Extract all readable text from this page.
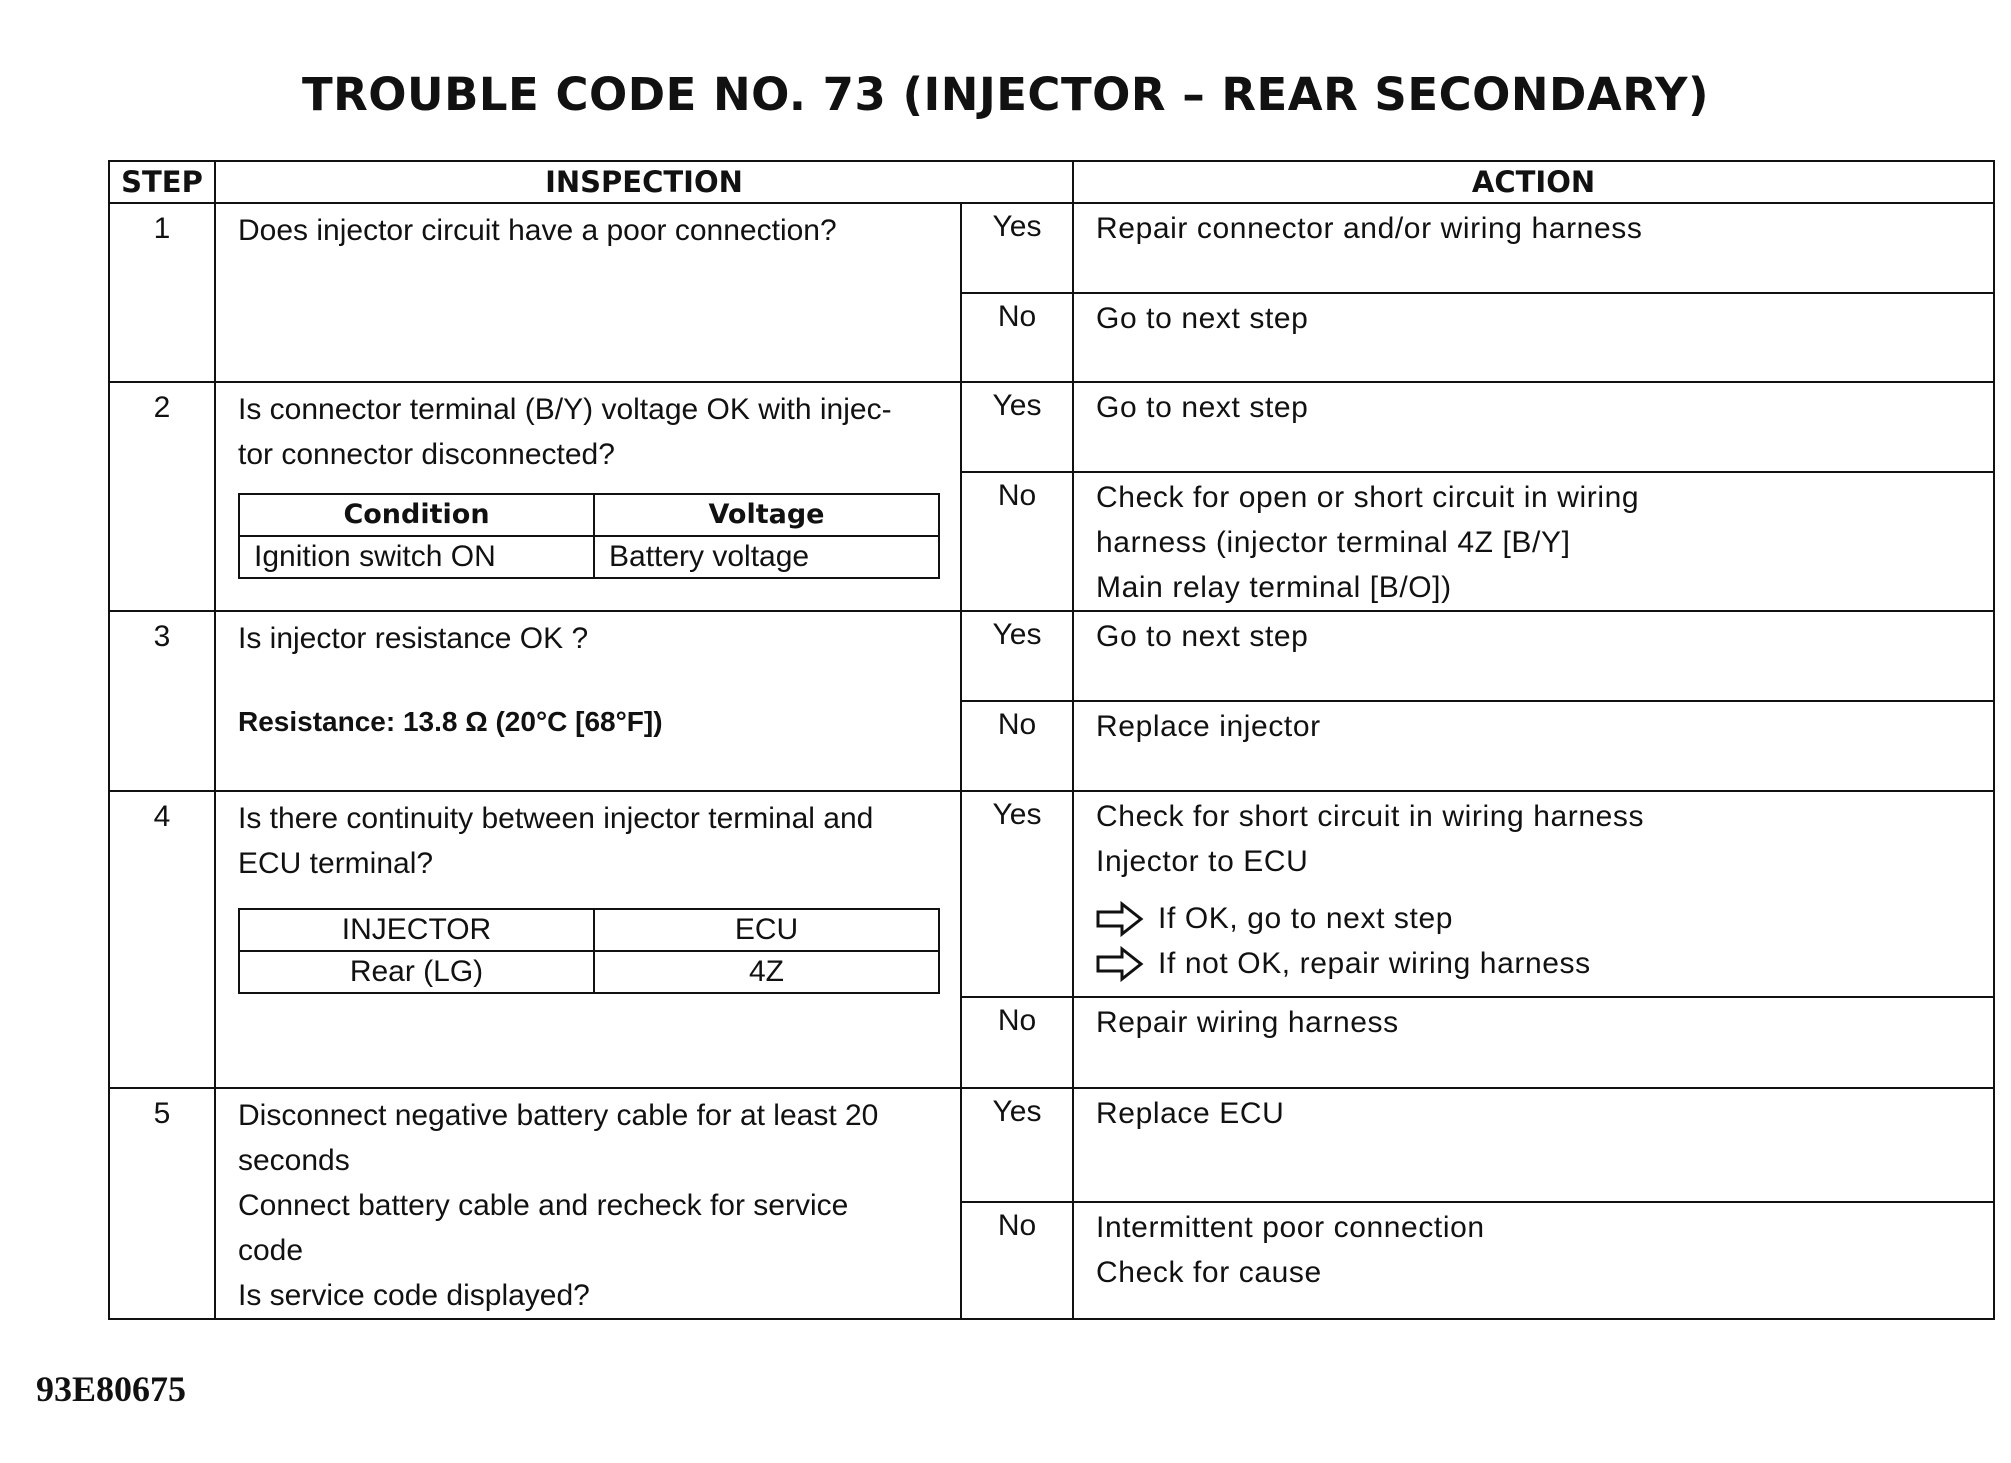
TROUBLE CODE NO. 73 (INJECTOR – REAR SECONDARY)
STEP	INSPECTION	ACTION
1	Does injector circuit have a poor connection?	Yes	Repair connector and/or wiring harness

No	Go to next step

2	Is connector terminal (B/Y) voltage OK with injec-
tor connector disconnected?
Condition	Voltage
Ignition switch ON	Battery voltage
	Yes	Go to next step

No	Check for open or short circuit in wiring
harness (injector terminal 4Z [B/Y]
Main relay terminal [B/O])

3	Is injector resistance OK ?
Resistance: 13.8 Ω (20°C [68°F])
	Yes	Go to next step

No	Replace injector

4	Is there continuity between injector terminal and
ECU terminal?
INJECTOR	ECU
Rear (LG)	4Z
	Yes	Check for short circuit in wiring harness
Injector to ECU
If OK, go to next step
If not OK, repair wiring harness

No	Repair wiring harness

5	Disconnect negative battery cable for at least 20
seconds
Connect battery cable and recheck for service
code
Is service code displayed?
	Yes	Replace ECU

No	Intermittent poor connection
Check for cause
93E80675
